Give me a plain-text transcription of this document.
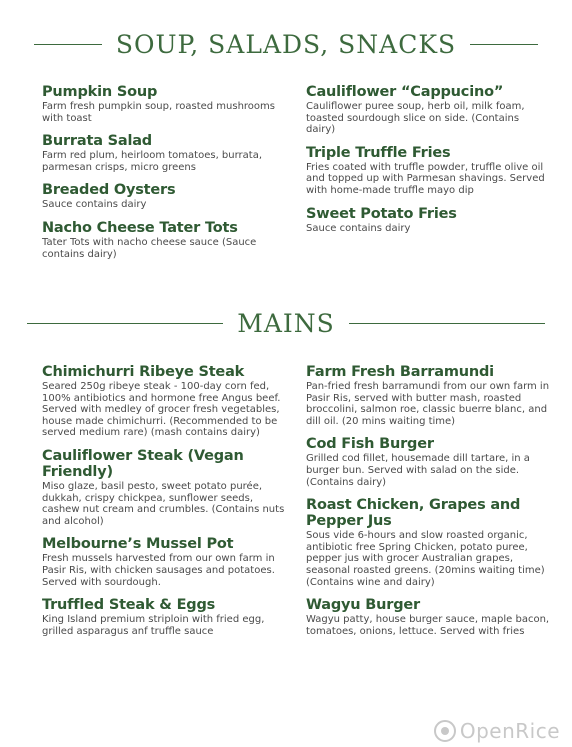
SOUP, SALADS, SNACKS
Pumpkin Soup
Farm fresh pumpkin soup, roasted mushrooms with toast
Burrata Salad
Farm red plum, heirloom tomatoes, burrata, parmesan crisps, micro greens
Breaded Oysters
Sauce contains dairy
Nacho Cheese Tater Tots
Tater Tots with nacho cheese sauce (Sauce contains dairy)
Cauliflower “Cappucino”
Cauliflower puree soup, herb oil, milk foam, toasted sourdough slice on side. (Contains dairy)
Triple Truffle Fries
Fries coated with truffle powder, truffle olive oil and topped up with Parmesan shavings. Served with home-made truffle mayo dip
Sweet Potato Fries
Sauce contains dairy
MAINS
Chimichurri Ribeye Steak
Seared 250g ribeye steak - 100-day corn fed, 100% antibiotics and hormone free Angus beef. Served with medley of grocer fresh vegetables, house made chimichurri. (Recommended to be served medium rare) (mash contains dairy)
Cauliflower Steak (Vegan Friendly)
Miso glaze, basil pesto, sweet potato purée, dukkah, crispy chickpea, sunflower seeds, cashew nut cream and crumbles. (Contains nuts and alcohol)
Melbourne’s Mussel Pot
Fresh mussels harvested from our own farm in Pasir Ris, with chicken sausages and potatoes. Served with sourdough.
Truffled Steak & Eggs
King Island premium striploin with fried egg, grilled asparagus anf truffle sauce
Farm Fresh Barramundi
Pan-fried fresh barramundi from our own farm in Pasir Ris, served with butter mash, roasted broccolini, salmon roe, classic buerre blanc, and dill oil. (20 mins waiting time)
Cod Fish Burger
Grilled cod fillet, housemade dill tartare, in a burger bun. Served with salad on the side. (Contains dairy)
Roast Chicken, Grapes and Pepper Jus
Sous vide 6-hours and slow roasted organic, antibiotic free Spring Chicken, potato puree, pepper jus with grocer Australian grapes, seasonal roasted greens. (20mins waiting time) (Contains wine and dairy)
Wagyu Burger
Wagyu patty, house burger sauce, maple bacon, tomatoes, onions, lettuce. Served with fries
OpenRice
